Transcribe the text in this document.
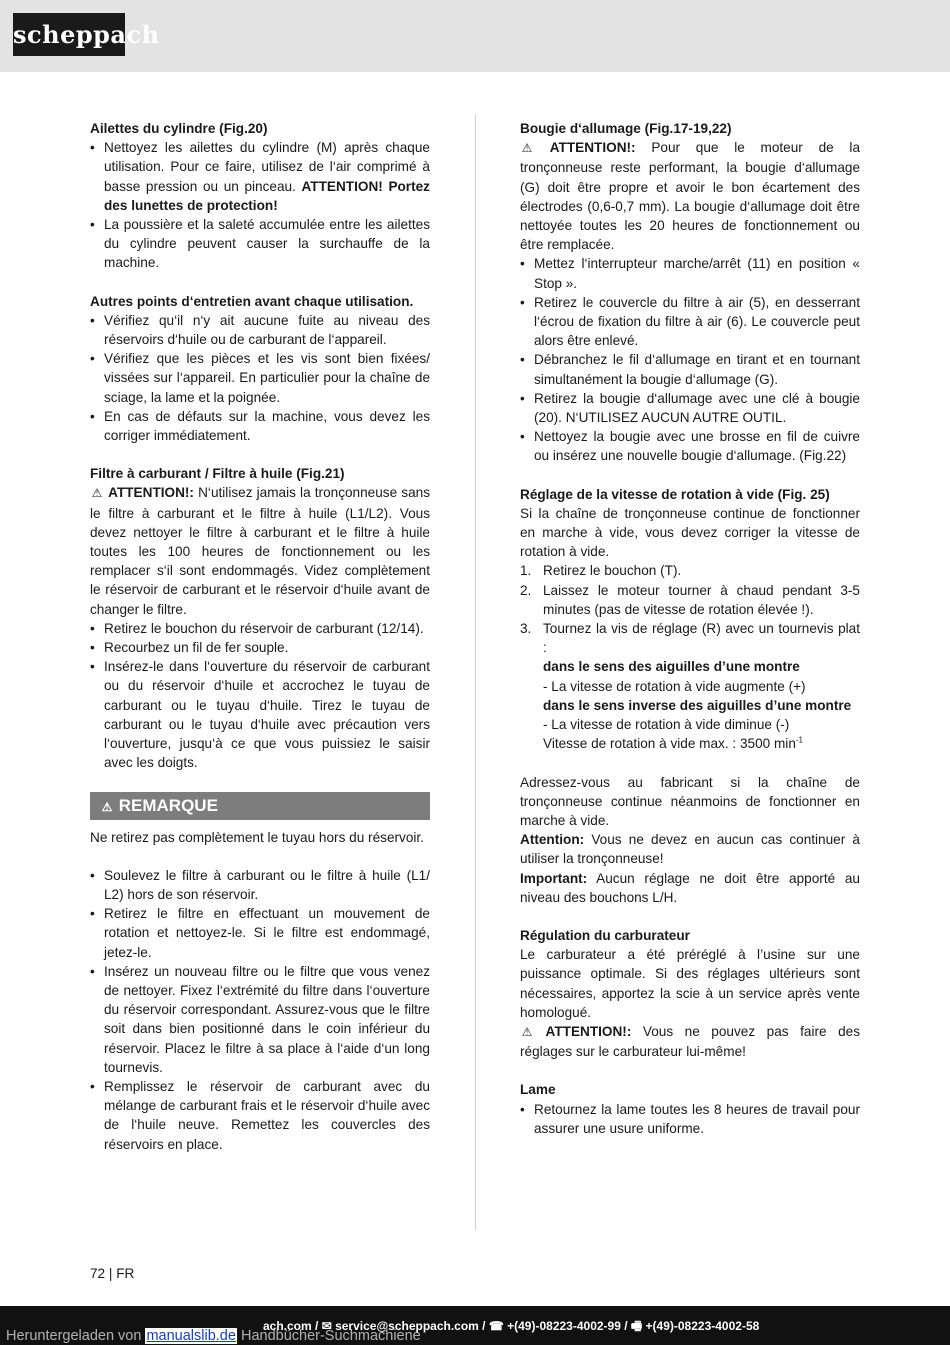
scheppach

Ailettes du cylindre (Fig.20)

• Nettoyez les ailettes du cylindre (M) après chaque utilisation. Pour ce faire, utilisez de l‘air comprimé à basse pression ou un pinceau. ATTENTION! Portez des lunettes de protection!
• La poussière et la saleté accumulée entre les ailettes du cylindre peuvent causer la surchauffe de la machine.

Autres points d‘entretien avant chaque utilisation.

• Vérifiez qu‘il n‘y ait aucune fuite au niveau des réservoirs d‘huile ou de carburant de l‘appareil.
• Vérifiez que les pièces et les vis sont bien fixées/ vissées sur l‘appareil. En particulier pour la chaîne de sciage, la lame et la poignée.
• En cas de défauts sur la machine, vous devez les corriger immédiatement.

Filtre à carburant / Filtre à huile (Fig.21)

⚠ ATTENTION!: N‘utilisez jamais la tronçonneuse sans le filtre à carburant et le filtre à huile (L1/L2). Vous devez nettoyer le filtre à carburant et le filtre à huile toutes les 100 heures de fonctionnement ou les remplacer s‘il sont endommagés. Videz complètement le réservoir de carburant et le réservoir d‘huile avant de changer le filtre.

• Retirez le bouchon du réservoir de carburant (12/14).
• Recourbez un fil de fer souple.
• Insérez-le dans l‘ouverture du réservoir de carburant ou du réservoir d‘huile et accrochez le tuyau de carburant ou le tuyau d‘huile. Tirez le tuyau de carburant ou le tuyau d‘huile avec précaution vers l‘ouverture, jusqu‘à ce que vous puissiez le saisir avec les doigts.
⚠ REMARQUE

Ne retirez pas complètement le tuyau hors du réservoir.

• Soulevez le filtre à carburant ou le filtre à huile (L1/ L2) hors de son réservoir.
• Retirez le filtre en effectuant un mouvement de rotation et nettoyez-le. Si le filtre est endommagé, jetez-le.
• Insérez un nouveau filtre ou le filtre que vous venez de nettoyer. Fixez l‘extrémité du filtre dans l‘ouverture du réservoir correspondant. Assurez-vous que le filtre soit dans bien positionné dans le coin inférieur du réservoir. Placez le filtre à sa place à l‘aide d‘un long tournevis.
• Remplissez le réservoir de carburant avec du mélange de carburant frais et le réservoir d‘huile avec de l‘huile neuve. Remettez les couvercles des réservoirs en place.

Bougie d‘allumage (Fig.17-19,22)

⚠ ATTENTION!: Pour que le moteur de la tronçonneuse reste performant, la bougie d‘allumage (G) doit être propre et avoir le bon écartement des électrodes (0,6-0,7 mm). La bougie d‘allumage doit être nettoyée toutes les 20 heures de fonctionnement ou être remplacée.

• Mettez l‘interrupteur marche/arrêt (11) en position « Stop ».
• Retirez le couvercle du filtre à air (5), en desserrant l‘écrou de fixation du filtre à air (6). Le couvercle peut alors être enlevé.
• Débranchez le fil d‘allumage en tirant et en tournant simultanément la bougie d‘allumage (G).
• Retirez la bougie d‘allumage avec une clé à bougie (20). N‘UTILISEZ AUCUN AUTRE OUTIL.
• Nettoyez la bougie avec une brosse en fil de cuivre ou insérez une nouvelle bougie d‘allumage. (Fig.22)

Réglage de la vitesse de rotation à vide (Fig. 25)

Si la chaîne de tronçonneuse continue de fonctionner en marche à vide, vous devez corriger la vitesse de rotation à vide.

1. Retirez le bouchon (T).
2. Laissez le moteur tourner à chaud pendant 3-5 minutes (pas de vitesse de rotation élevée !).
3. Tournez la vis de réglage (R) avec un tournevis plat :

dans le sens des aiguilles d’une montre

- La vitesse de rotation à vide augmente (+)

dans le sens inverse des aiguilles d’une montre

- La vitesse de rotation à vide diminue (-)

Vitesse de rotation à vide max. : 3500 $\min^{-1}$

Adressez-vous au fabricant si la chaîne de tronçonneuse continue néanmoins de fonctionner en marche à vide.

Attention: Vous ne devez en aucun cas continuer à utiliser la tronçonneuse!

Important: Aucun réglage ne doit être apporté au niveau des bouchons L/H.

Régulation du carburateur

Le carburateur a été préréglé à l’usine sur une puissance optimale. Si des réglages ultérieurs sont nécessaires, apportez la scie à un service après vente homologué.

⚠ ATTENTION!: Vous ne pouvez pas faire des réglages sur le carburateur lui-même!

Lame

• Retournez la lame toutes les 8 heures de travail pour assurer une usure uniforme.
72 | FR
ach.com / ✉ service@scheppach.com / ☎ +(49)-08223-4002-99 / 🖷 +(49)-08223-4002-58
Heruntergeladen von manualslib.de Handbücher-Suchmachiene
